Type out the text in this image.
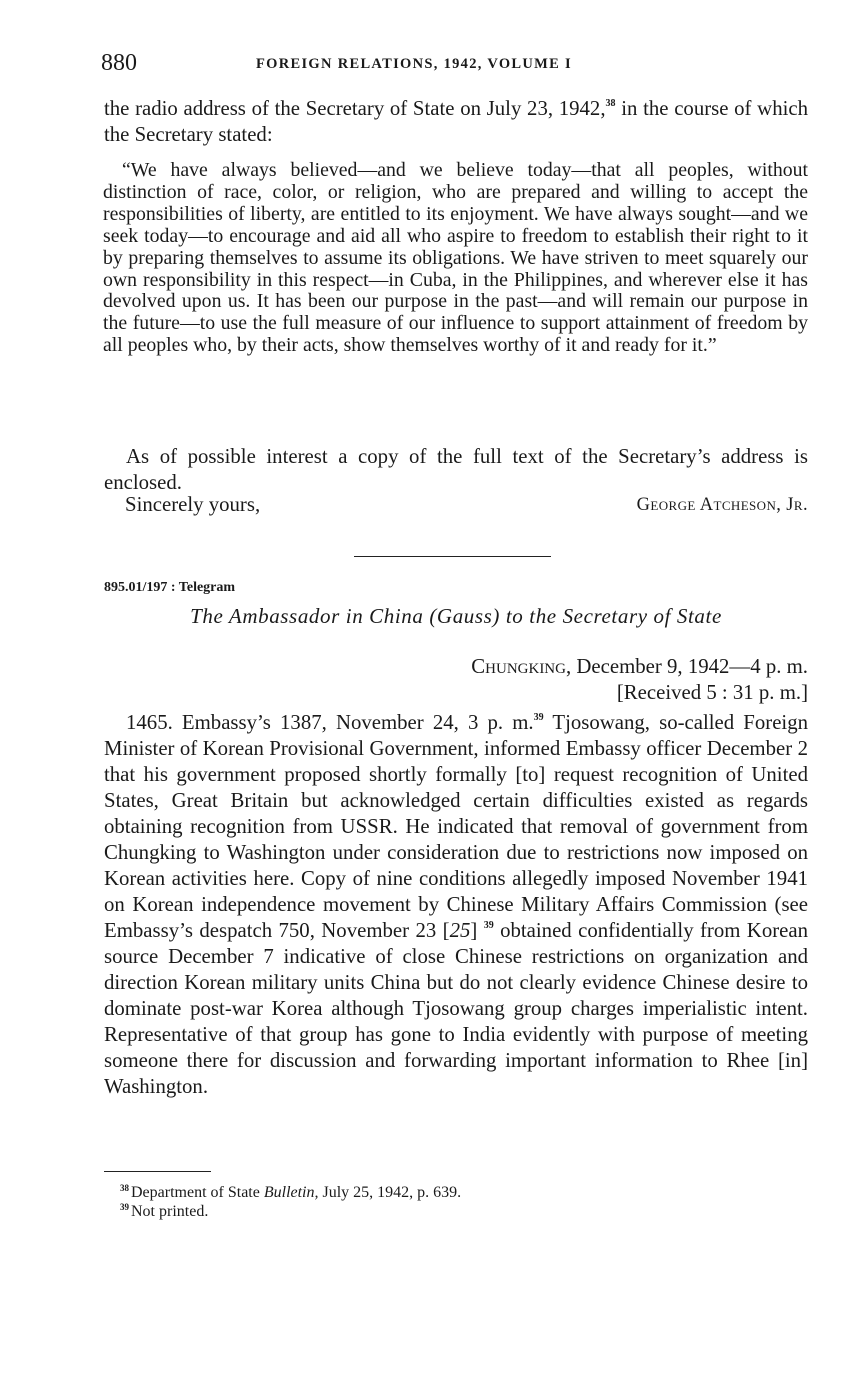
880	FOREIGN RELATIONS, 1942, VOLUME I

the radio address of the Secretary of State on July 23, 1942,38 in the course of which the Secretary stated:

“We have always believed—and we believe today—that all peoples, without distinction of race, color, or religion, who are prepared and willing to accept the responsibilities of liberty, are entitled to its enjoyment. We have always sought—and we seek today—to encourage and aid all who aspire to freedom to establish their right to it by preparing themselves to assume its obligations. We have striven to meet squarely our own responsibility in this respect—in Cuba, in the Philippines, and wherever else it has devolved upon us. It has been our purpose in the past—and will remain our purpose in the future—to use the full measure of our influence to support attainment of freedom by all peoples who, by their acts, show themselves worthy of it and ready for it.”

As of possible interest a copy of the full text of the Secretary’s address is enclosed.

Sincerely yours,	George Atcheson, Jr.
895.01/197 : Telegram
The Ambassador in China (Gauss) to the Secretary of State
Chungking, December 9, 1942—4 p. m.
[Received 5 : 31 p. m.]

1465. Embassy’s 1387, November 24, 3 p. m.$^{39}$ Tjosowang, so-called Foreign Minister of Korean Provisional Government, informed Embassy officer December 2 that his government proposed shortly formally [to] request recognition of United States, Great Britain but acknowledged certain difficulties existed as regards obtaining recognition from USSR. He indicated that removal of government from Chungking to Washington under consideration due to restrictions now imposed on Korean activities here. Copy of nine conditions allegedly imposed November 1941 on Korean independence movement by Chinese Military Affairs Commission (see Embassy’s despatch 750, November 23 [25] $^{39}$ obtained confidentially from Korean source December 7 indicative of close Chinese restrictions on organization and direction Korean military units China but do not clearly evidence Chinese desire to dominate post-war Korea although Tjosowang group charges imperialistic intent. Representative of that group has gone to India evidently with purpose of meeting someone there for discussion and forwarding important information to Rhee [in] Washington.

$^{38}$ Department of State Bulletin, July 25, 1942, p. 639.
$^{39}$ Not printed.
